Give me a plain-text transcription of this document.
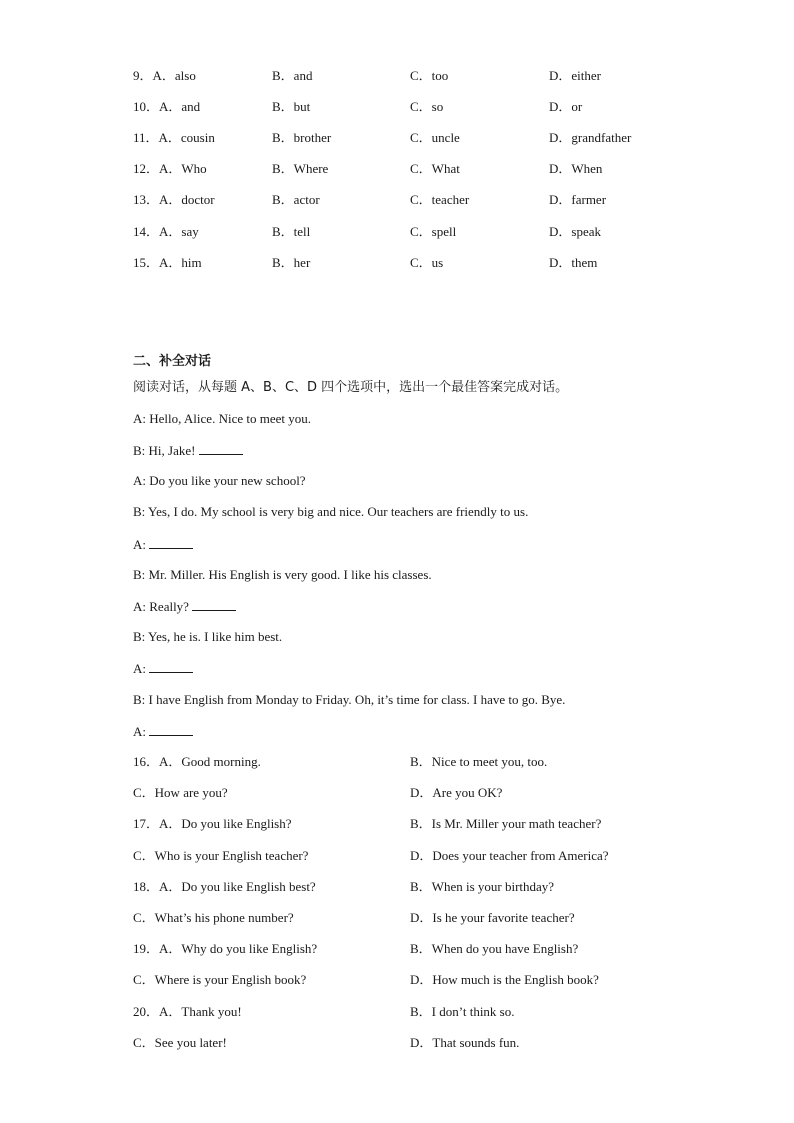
9．A．also	B．and	C．too	D．either
10．A．and	B．but	C．so	D．or
11．A．cousin	B．brother	C．uncle	D．grandfather
12．A．Who	B．Where	C．What	D．When
13．A．doctor	B．actor	C．teacher	D．farmer
14．A．say	B．tell	C．spell	D．speak
15．A．him	B．her	C．us	D．them
二、补全对话
阅读对话，从每题 A、B、C、D 四个选项中，选出一个最佳答案完成对话。
A: Hello, Alice. Nice to meet you.
B: Hi, Jake!
A: Do you like your new school?
B: Yes, I do. My school is very big and nice. Our teachers are friendly to us.
A:
B: Mr. Miller. His English is very good. I like his classes.
A: Really?
B: Yes, he is. I like him best.
A:
B: I have English from Monday to Friday. Oh, it’s time for class. I have to go. Bye.
A:
16．A．Good morning.	B．Nice to meet you, too.
C．How are you?	D．Are you OK?
17．A．Do you like English?	B．Is Mr. Miller your math teacher?
C．Who is your English teacher?	D．Does your teacher from America?
18．A．Do you like English best?	B．When is your birthday?
C．What’s his phone number?	D．Is he your favorite teacher?
19．A．Why do you like English?	B．When do you have English?
C．Where is your English book?	D．How much is the English book?
20．A．Thank you!	B．I don’t think so.
C．See you later!	D．That sounds fun.
